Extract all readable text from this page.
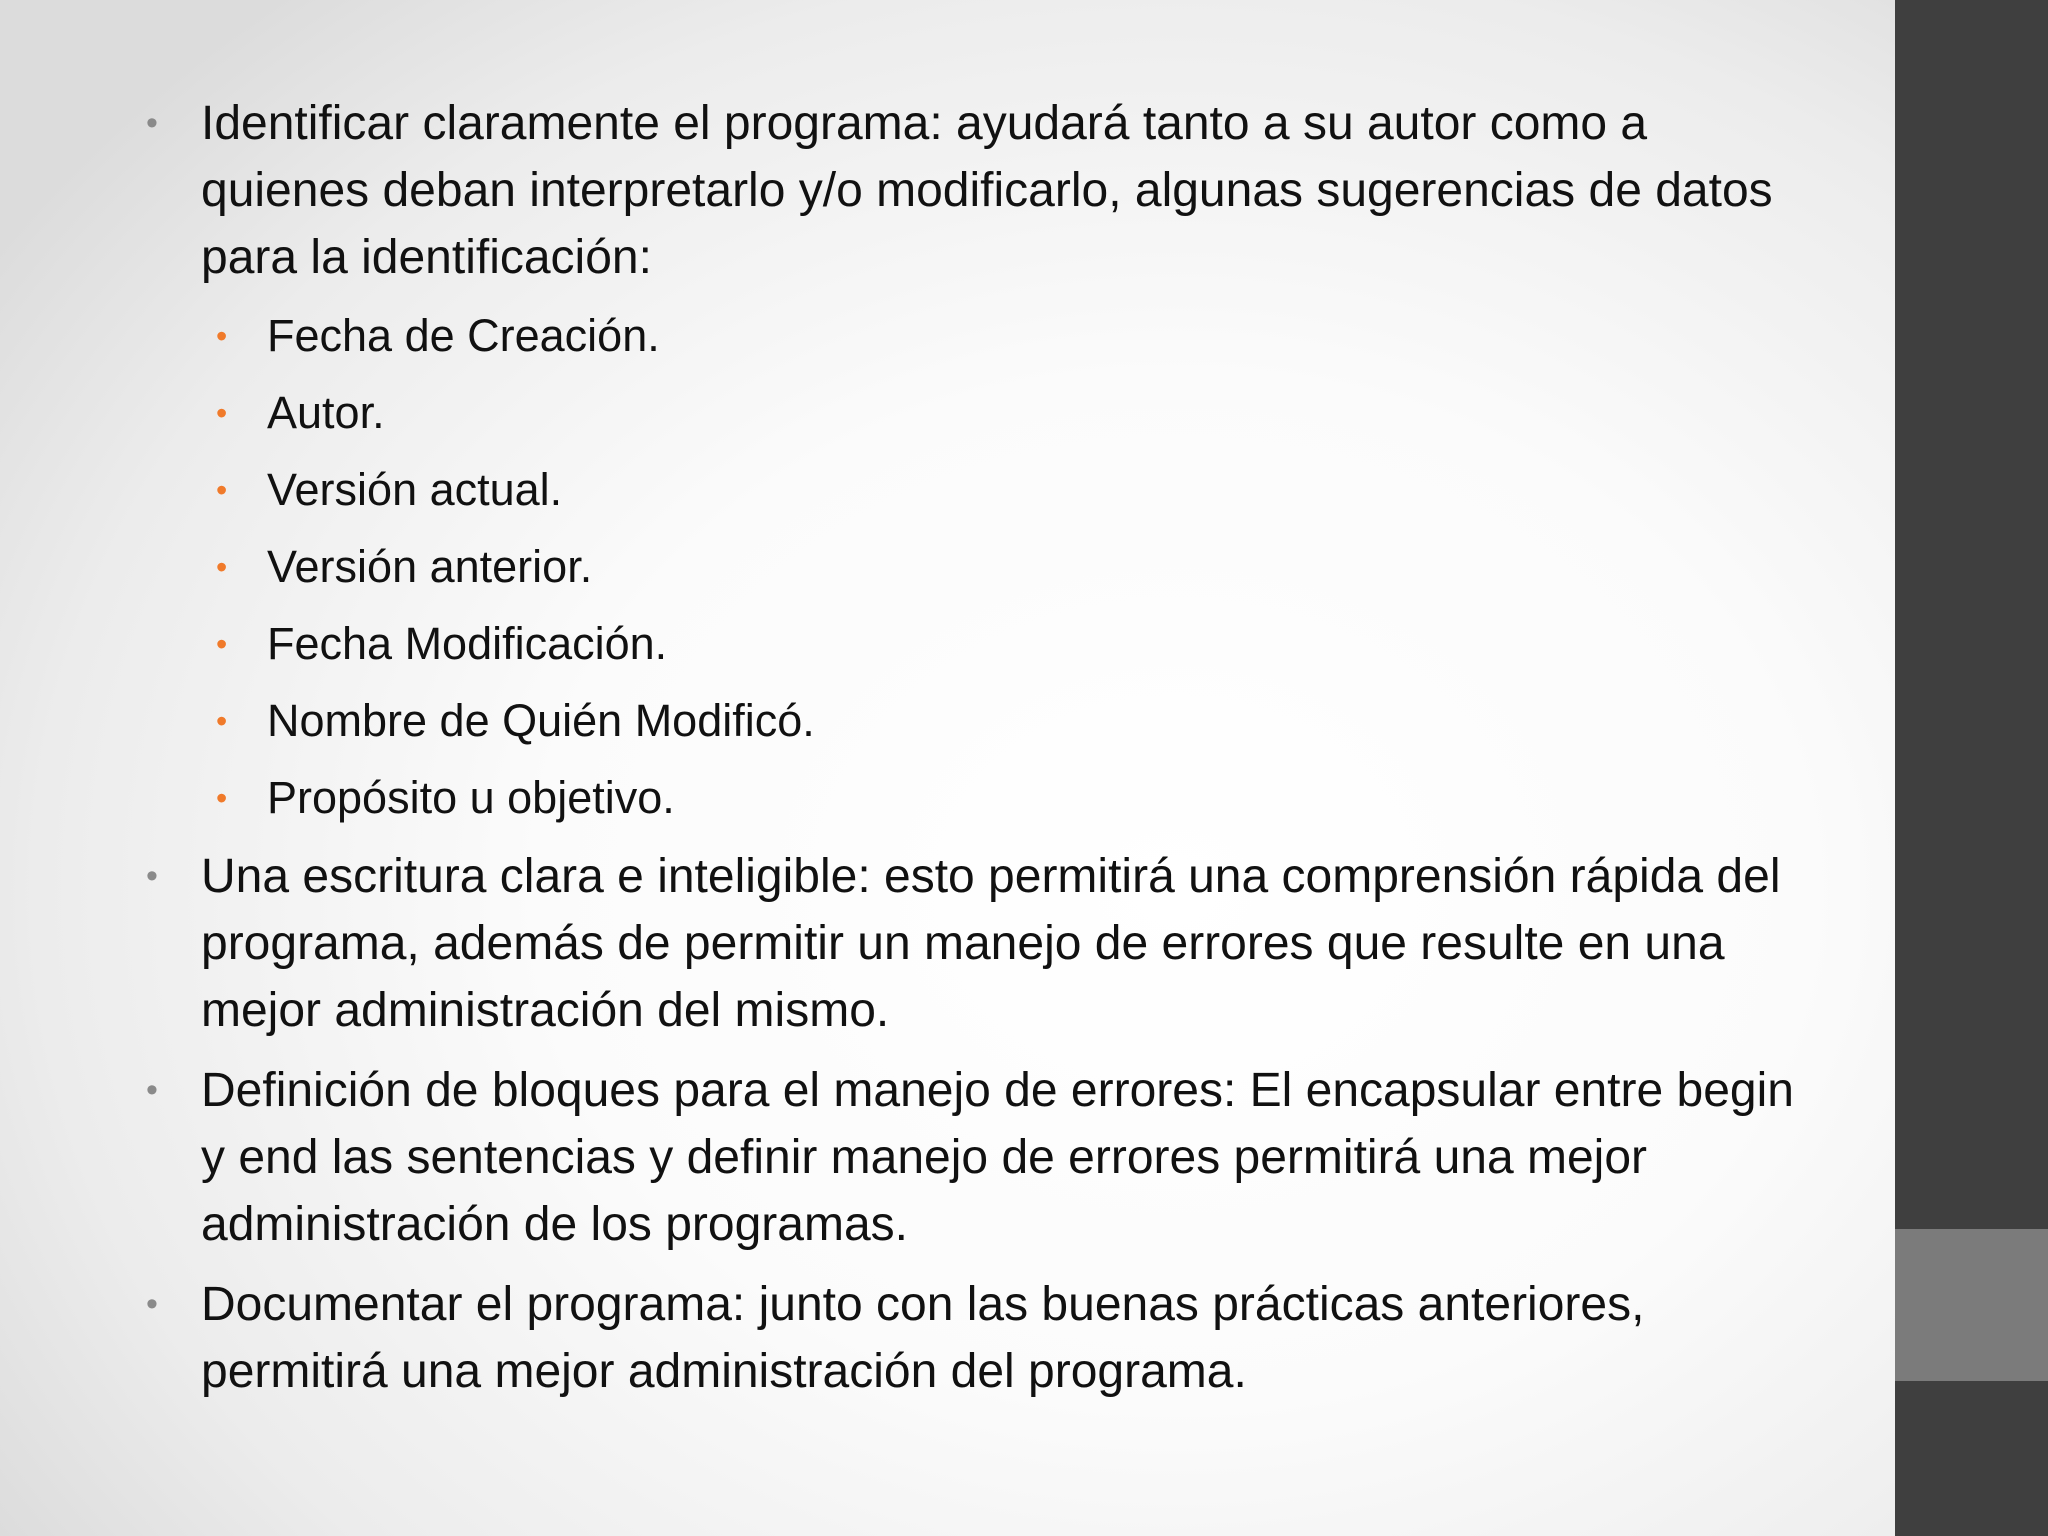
• Identificar claramente el programa: ayudará tanto a su autor como a quienes deban interpretarlo y/o modificarlo, algunas sugerencias de datos para la identificación:
• Fecha de Creación.
• Autor.
• Versión actual.
• Versión anterior.
• Fecha Modificación.
• Nombre de Quién Modificó.
• Propósito u objetivo.
• Una escritura clara e inteligible: esto permitirá una comprensión rápida del programa, además de permitir un manejo de errores que resulte en una mejor administración del mismo.
• Definición de bloques para el manejo de errores: El encapsular entre begin y end las sentencias y definir manejo de errores permitirá una mejor administración de los programas.
• Documentar el programa: junto con las buenas prácticas anteriores, permitirá una mejor administración del programa.
